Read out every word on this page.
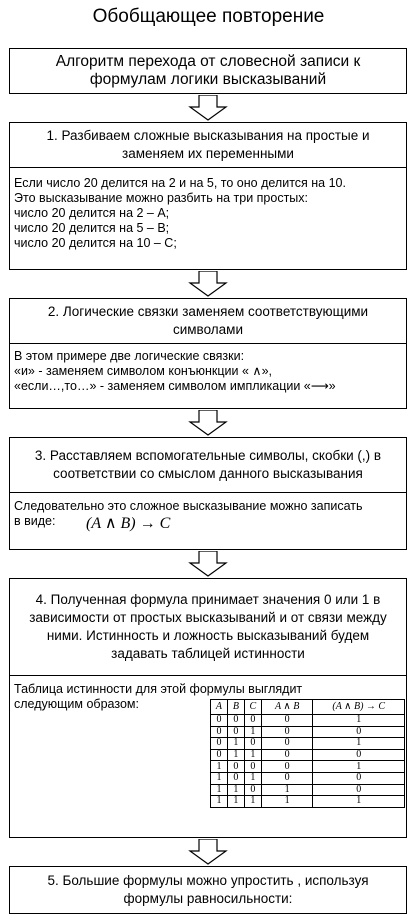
Обобщающее повторение
Алгоритм перехода от словесной записи к формулам логики высказываний
1. Разбиваем сложные высказывания на простые и заменяем их переменными
Если число 20 делится на 2 и на 5, то оно делится на 10.
Это высказывание можно разбить на три простых:
число 20 делится на 2 – A;
число 20 делится на 5 – B;
число 20 делится на 10 – C;
2. Логические связки заменяем соответствующими символами
В этом примере две логические связки:
«и» - заменяем символом конъюнкции « ∧»,
«если…,то…» - заменяем символом импликации «⟶»
3. Расставляем вспомогательные символы, скобки (,) в соответствии со смыслом данного высказывания
Следовательно это сложное высказывание можно записать
в виде:	(A ∧ B) → C
4. Полученная формула принимает значения 0 или 1 в зависимости от простых высказываний и от связи между ними. Истинность и ложность высказываний будем задавать таблицей истинности
Таблица истинности для этой формулы выглядит
следующим образом:	A	B	C	A ∧ B	(A ∧ B) → C
0	0	0	0	1
0	0	1	0	0
0	1	0	0	1
0	1	1	0	0
1	0	0	0	1
1	0	1	0	0
1	1	0	1	0
1	1	1	1	1
5. Большие формулы можно упростить , используя формулы равносильности:
